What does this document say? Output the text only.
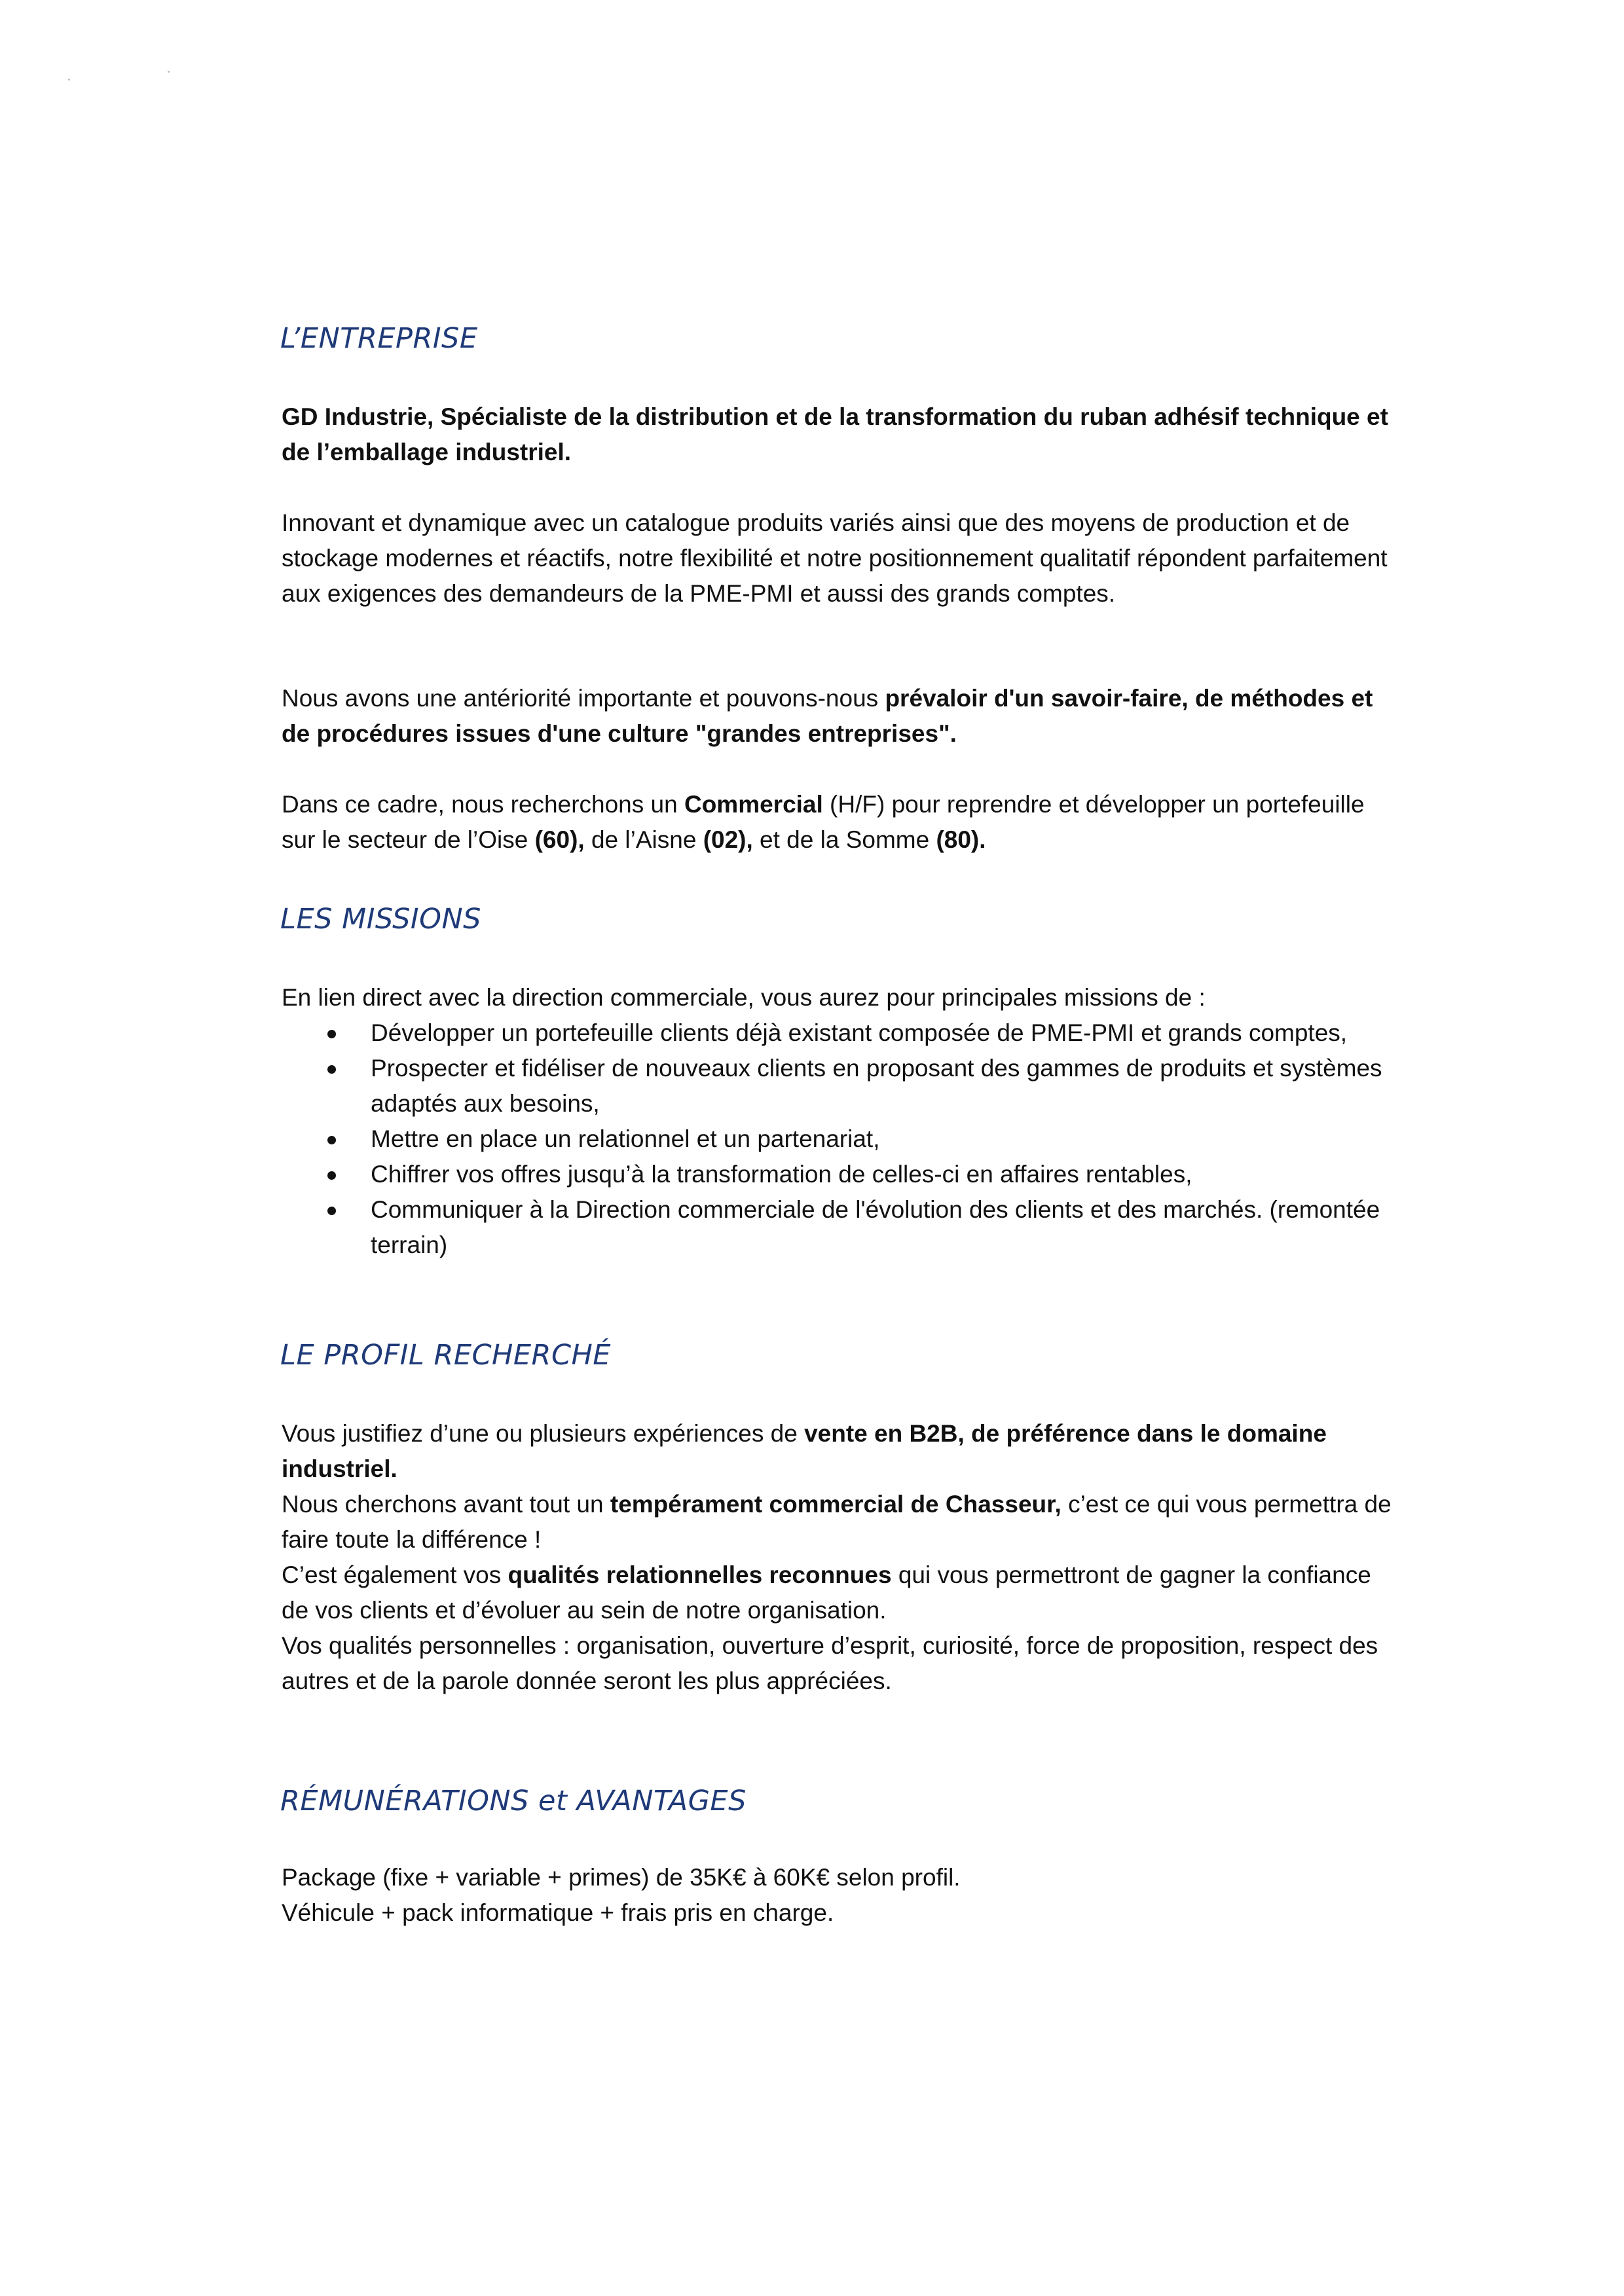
L’ENTREPRISE

GD Industrie, Spécialiste de la distribution et de la transformation du ruban adhésif technique et de l’emballage industriel.

Innovant et dynamique avec un catalogue produits variés ainsi que des moyens de production et de stockage modernes et réactifs, notre flexibilité et notre positionnement qualitatif répondent parfaitement aux exigences des demandeurs de la PME-PMI et aussi des grands comptes.

Nous avons une antériorité importante et pouvons-nous prévaloir d'un savoir-faire, de méthodes et de procédures issues d'une culture "grandes entreprises".

Dans ce cadre, nous recherchons un Commercial (H/F) pour reprendre et développer un portefeuille sur le secteur de l’Oise (60), de l’Aisne (02), et de la Somme (80).

LES MISSIONS

En lien direct avec la direction commerciale, vous aurez pour principales missions de :

Développer un portefeuille clients déjà existant composée de PME-PMI et grands comptes,
Prospecter et fidéliser de nouveaux clients en proposant des gammes de produits et systèmes adaptés aux besoins,
Mettre en place un relationnel et un partenariat,
Chiffrer vos offres jusqu’à la transformation de celles-ci en affaires rentables,
Communiquer à la Direction commerciale de l'évolution des clients et des marchés. (remontée terrain)
LE PROFIL RECHERCHÉ

Vous justifiez d’une ou plusieurs expériences de vente en B2B, de préférence dans le domaine industriel.
Nous cherchons avant tout un tempérament commercial de Chasseur, c’est ce qui vous permettra de faire toute la différence !
C’est également vos qualités relationnelles reconnues qui vous permettront de gagner la confiance de vos clients et d’évoluer au sein de notre organisation.
Vos qualités personnelles : organisation, ouverture d’esprit, curiosité, force de proposition, respect des autres et de la parole donnée seront les plus appréciées.

RÉMUNÉRATIONS et AVANTAGES

Package (fixe + variable + primes) de 35K€ à 60K€ selon profil.
Véhicule + pack informatique + frais pris en charge.
